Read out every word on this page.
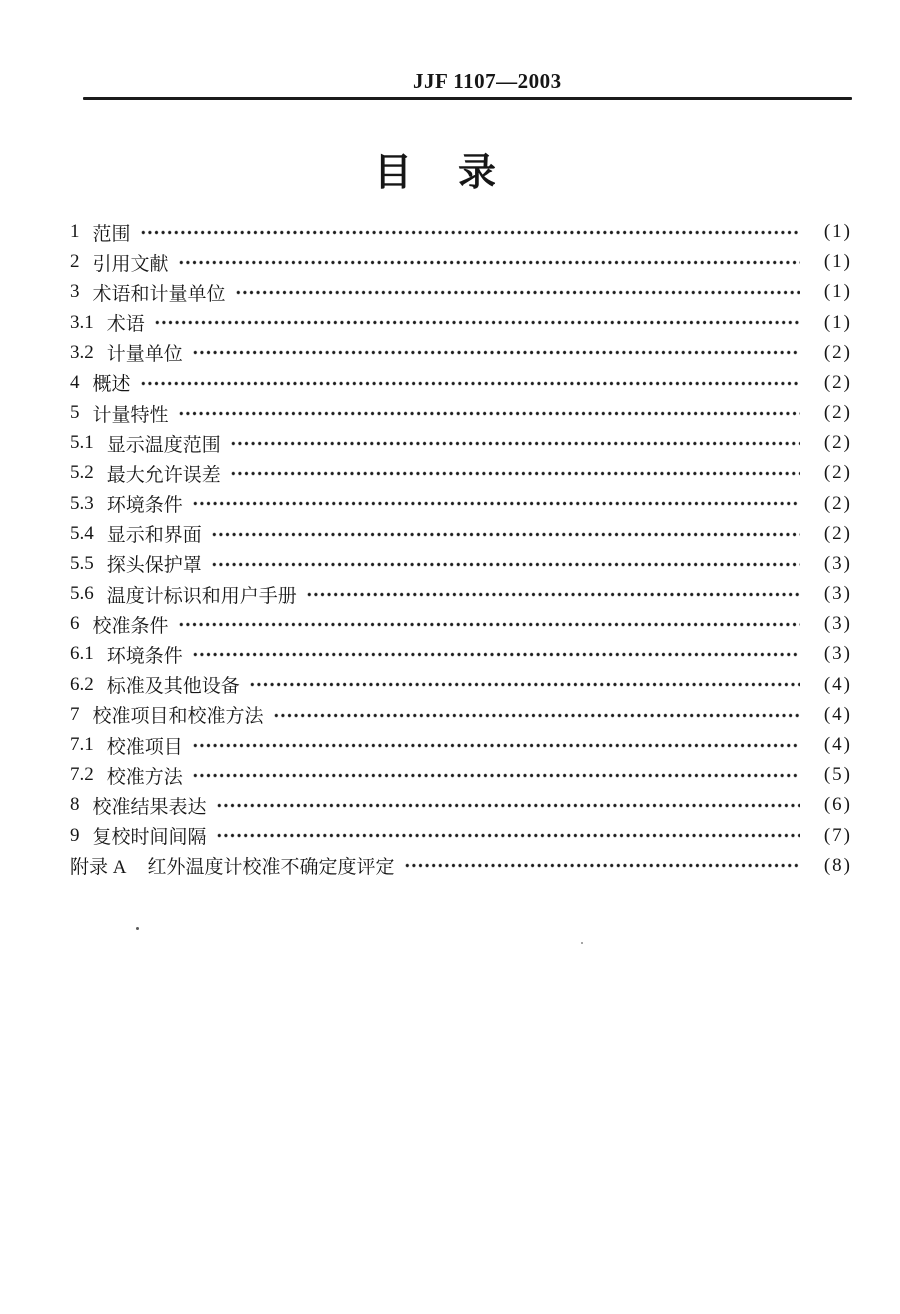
JJF 1107—2003
目　录
1 范围	(1)
2 引用文献	(1)
3 术语和计量单位	(1)
3.1 术语	(1)
3.2 计量单位	(2)
4 概述	(2)
5 计量特性	(2)
5.1 显示温度范围	(2)
5.2 最大允许误差	(2)
5.3 环境条件	(2)
5.4 显示和界面	(2)
5.5 探头保护罩	(3)
5.6 温度计标识和用户手册	(3)
6 校准条件	(3)
6.1 环境条件	(3)
6.2 标准及其他设备	(4)
7 校准项目和校准方法	(4)
7.1 校准项目	(4)
7.2 校准方法	(5)
8 校准结果表达	(6)
9 复校时间间隔	(7)
附录 A 红外温度计校准不确定度评定	(8)
